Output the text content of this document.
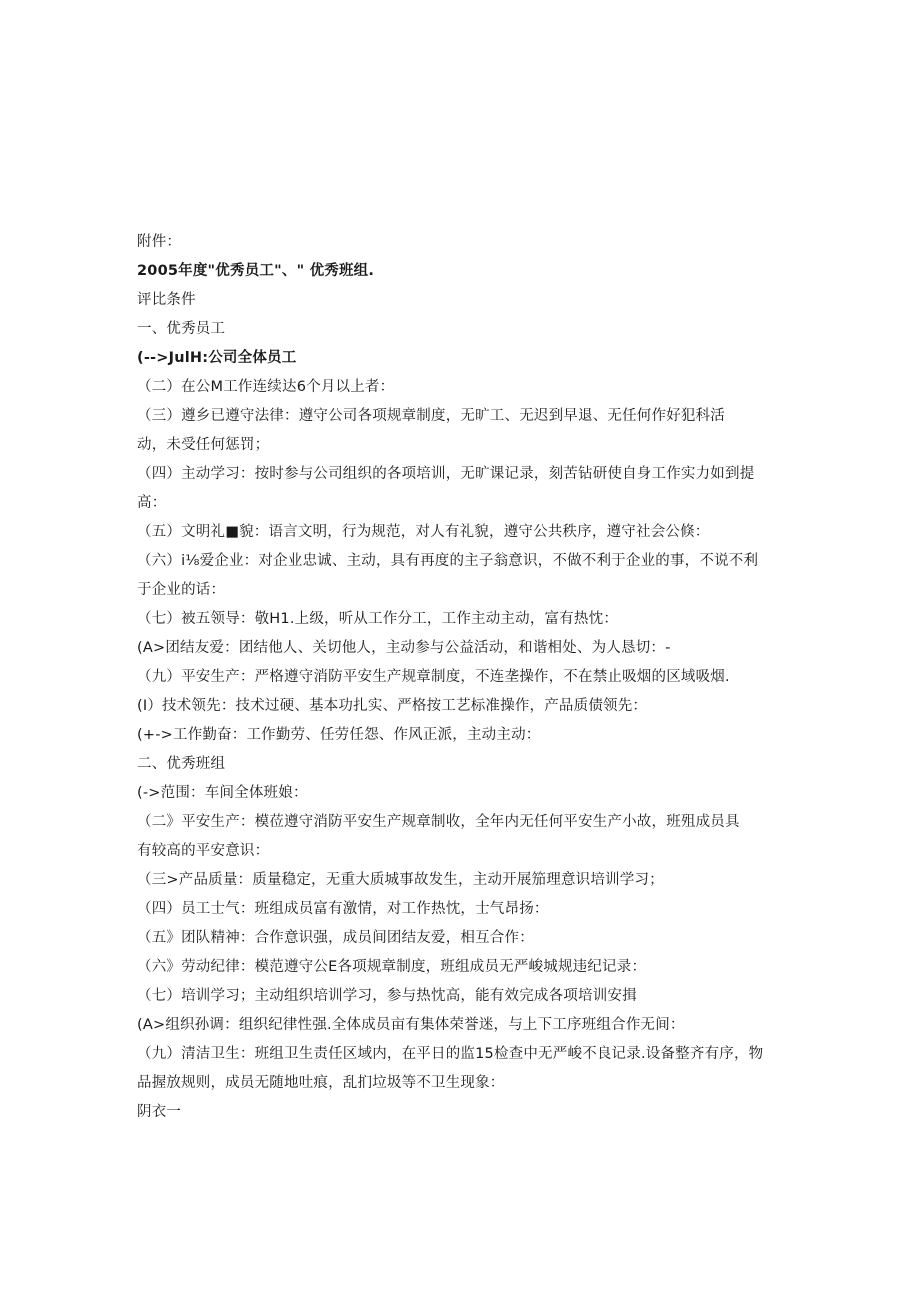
附件：
2005年度"优秀员工"、" 优秀班组.
评比条件
一、优秀员工
(-->JulH:公司全体员工
（二）在公M工作连续达6个月以上者：
（三）遵乡已遵守法律：遵守公司各项规章制度，无旷工、无迟到早退、无任何作好犯科活
动，未受任何惩罚；
（四）主动学习：按时参与公司组织的各项培训，无旷课记录，刻苦钻研使自身工作实力如到提
高：
（五）文明礼■貌：语言文明，行为规范，对人有礼貌，遵守公共秩序，遵守社会公倏：
（六）i⅛爱企业：对企业忠诚、主动，具有再度的主子翁意识，不做不利于企业的事，不说不利
于企业的话：
（七）被五领导：敬H1.上级，听从工作分工，工作主动主动，富有热忱：
(A>团结友爱：团结他人、关切他人，主动参与公益活动，和谐相处、为人恳切：-
（九）平安生产：严格遵守消防平安生产规章制度，不连垄操作，不在禁止吸烟的区域吸烟.
(I）技术领先：技术过硬、基本功扎实、严格按工艺标准操作，产品质债领先：
(+->工作勤奋：工作勤劳、任劳任怨、作风正派，主动主动：
二、优秀班组
(->范围：车间全体班娘：
（二》平安生产：模莅遵守消防平安生产规章制收，全年内无任何平安生产小故，班殂成员具
有较高的平安意识：
（三>产品质量：质量稳定，无重大质城事故发生，主动开展笳理意识培训学习；
（四）员工士气：班组成员富有激情，对工作热忱，士气昂扬：
（五》团队精神：合作意识强，成员间团结友爱，相互合作：
（六》劳动纪律：模范遵守公E各项规章制度，班组成员无严峻城规违纪记录：
（七）培训学习；主动组织培训学习，参与热忱高，能有效完成各项培训安揖
(A>组织孙调：组织纪律性强.全体成员亩有集体荣誉迷，与上下工序班组合作无间：
（九）清洁卫生：班组卫生责任区域内，在平日的监15检查中无严峻不良记录.设备整齐有序，物
品握放规则，成员无随地吐痕，乱扪垃圾等不卫生现象：
阴衣一
